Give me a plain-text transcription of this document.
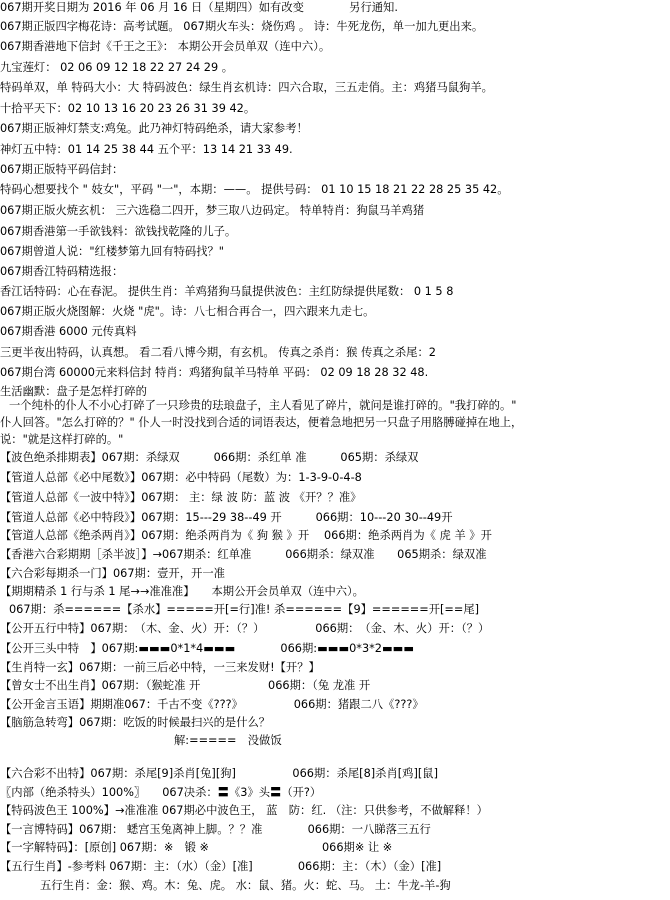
067期开奖日期为 2016 年 06 月 16 日（星期四）如有改变　　　　另行通知.
067期正版四字梅花诗：高考试题。 067期火车头：烧伤鸡 。 诗：牛死龙伤，单一加九更出来。
067期香港地下信封《千王之王》： 本期公开会员单双（连中六）。
九宝莲灯： 02 06 09 12 18 22 27 24 29 。
特码单双，单 特码大小：大 特码波色：绿生肖玄机诗：四六合取，三五走俏。主：鸡猪马鼠狗羊。
十拾平天下：02 10 13 16 20 23 26 31 39 42。
067期正版神灯禁支:鸡兔。此乃神灯特码绝杀，请大家参考！
神灯五中特：01 14 25 38 44 五个平：13 14 21 33 49.
067期正版特平码信封：
特码心想要找个 " 妓女"，平码 "一"，本期：——。 提供号码： 01 10 15 18 21 22 28 25 35 42。
067期正版火焼玄机： 三六选稳二四开，梦三取八边码定。 特单特肖：狗鼠马羊鸡猪
067期香港第一手欲钱料：欲钱找乾隆的儿子。
067期曾道人说："红楼梦第九回有特码找？"
067期香江特码精选报：
香江话特码：心在春泥。 提供生肖：羊鸡猪狗马鼠提供波色：主红防绿提供尾数： 0 1 5 8
067期正版火烧图解：火烧 "虎"。诗：八七相合再合一，四六跟来九走七。
067期香港 6000 元传真料
三更半夜出特码，认真想。 看二看八博今期，有玄机。 传真之杀肖：猴 传真之杀尾：2
067期台湾 60000元来料信封 特肖：鸡猪狗鼠羊马特单 平码： 02 09 18 28 32 48.
生活幽默：盘子是怎样打碎的
一个纯朴的仆人不小心打碎了一只珍贵的珐琅盘子，主人看见了碎片，就问是谁打碎的。"我打碎的。"
仆人回答。"怎么打碎的？" 仆人一时没找到合适的词语表达，便着急地把另一只盘子用胳膊碰掉在地上，
说："就是这样打碎的。"
【波色绝杀排期表】067期：杀绿双　　　066期：杀红单 准　　　065期：杀绿双
【管道人总部《必中尾数》】067期：必中特码（尾数）为：1-3-9-0-4-8
【管道人总部《一波中特》】067期： 主：绿 波 防：蓝 波 《开？？准》
【管道人总部《必中特段》】067期：15---29 38--49 开　　　066期：10---20 30--49开
【管道人总部《绝杀两肖》】067期：绝杀两肖为《 狗 猴 》开　 066期：绝杀两肖为《 虎 羊 》开
【香港六合彩期期［杀半波］】→067期杀：红单准　　　066期杀：绿双准　　065期杀：绿双准
【六合彩每期杀一门】067期：壹开，开一准
【期期精杀 1 行与杀 1 尾→→准准准】　　本期公开会员单双（连中六）。
067期：杀======【杀水】=====开[=行]准! 杀======【9】======开[==尾]
【公开五行中特】067期：　（木、金、火）开：（？）　　　　　066期：　（金、木、火）开：（？）
【公开三头中特　】067期:▬▬▬0*1*4▬▬▬　　　　066期:▬▬▬0*3*2▬▬▬
【生肖特一玄】067期：一前三后必中特，一三来发财!【开？】
【曾女士不出生肖】067期：（猴蛇准 开　　　　　　066期：（兔 龙准 开
【公开金言玉语】期期准067：千古不变《???》　　　　　066期：猪跟二八《???》
【脑筋急转弯】067期：吃饭的时候最扫兴的是什么？
解:=====　没做饭
【六合彩不出特】067期：杀尾[9]杀肖[兔][狗]　　　　　066期：杀尾[8]杀肖[鸡][鼠]
〖内部（绝杀特头）100%〗　　067决杀：〓《3》头〓（开?）
【特码波色王 100%】→准准准 067期必中波色王， 蓝　防：红. （注：只供参考，不做解释！）
【一言博特码】067期： 蟋宫玉兔离神上脚。？？准　　　　066期：一八睇落三五行
【一字解特码】：[原创] 067期：※　锻 ※　　　　　　　　　　066期※ 让 ※
【五行生肖】-参考料 067期：主：（水）（金）[准]　　　　066期：主：（木）（金）[准]
五行生肖：金：猴、鸡。木：兔、虎。 水：鼠、猪。火：蛇、马。 土：牛龙-羊-狗
